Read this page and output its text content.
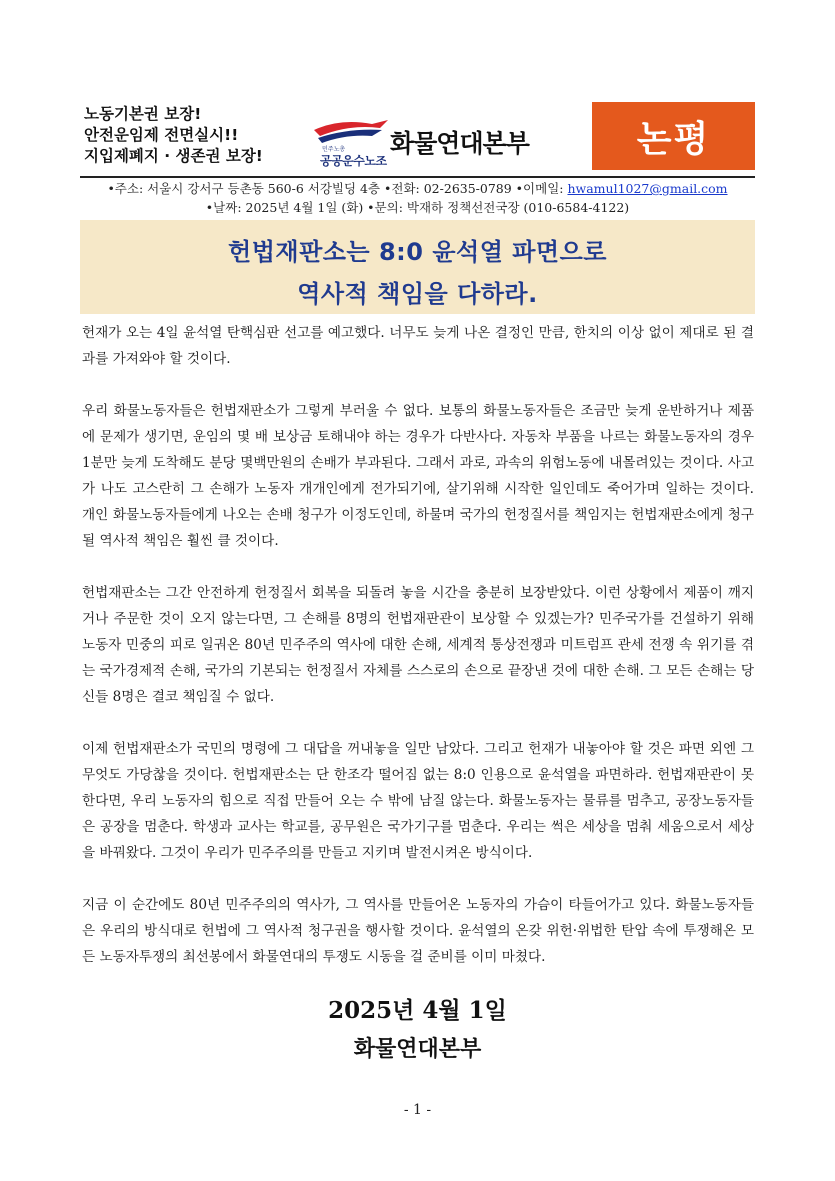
노동기본권 보장!
안전운임제 전면실시!!
지입제폐지 · 생존권 보장!	민주노총
공공운수노조
화물연대본부	논평
•주소: 서울시 강서구 등촌동 560-6 서강빌딩 4층 •전화: 02-2635-0789 •이메일: hwamul1027@gmail.com
•날짜: 2025년 4월 1일 (화) •문의: 박재하 정책선전국장 (010-6584-4122)
헌법재판소는 8:0 윤석열 파면으로
역사적 책임을 다하라.

헌재가 오는 4일 윤석열 탄핵심판 선고를 예고했다. 너무도 늦게 나온 결정인 만큼, 한치의 이상 없이 제대로 된 결과를 가져와야 할 것이다.

우리 화물노동자들은 헌법재판소가 그렇게 부러울 수 없다. 보통의 화물노동자들은 조금만 늦게 운반하거나 제품에 문제가 생기면, 운임의 몇 배 보상금 토해내야 하는 경우가 다반사다. 자동차 부품을 나르는 화물노동자의 경우 1분만 늦게 도착해도 분당 몇백만원의 손배가 부과된다. 그래서 과로, 과속의 위험노동에 내몰려있는 것이다. 사고가 나도 고스란히 그 손해가 노동자 개개인에게 전가되기에, 살기위해 시작한 일인데도 죽어가며 일하는 것이다. 개인 화물노동자들에게 나오는 손배 청구가 이정도인데, 하물며 국가의 헌정질서를 책임지는 헌법재판소에게 청구될 역사적 책임은 훨씬 클 것이다.

헌법재판소는 그간 안전하게 헌정질서 회복을 되돌려 놓을 시간을 충분히 보장받았다. 이런 상황에서 제품이 깨지거나 주문한 것이 오지 않는다면, 그 손해를 8명의 헌법재판관이 보상할 수 있겠는가? 민주국가를 건설하기 위해 노동자 민중의 피로 일궈온 80년 민주주의 역사에 대한 손해, 세계적 통상전쟁과 미트럼프 관세 전쟁 속 위기를 겪는 국가경제적 손해, 국가의 기본되는 헌정질서 자체를 스스로의 손으로 끝장낸 것에 대한 손해. 그 모든 손해는 당신들 8명은 결코 책임질 수 없다.

이제 헌법재판소가 국민의 명령에 그 대답을 꺼내놓을 일만 남았다. 그리고 헌재가 내놓아야 할 것은 파면 외엔 그 무엇도 가당찮을 것이다. 헌법재판소는 단 한조각 떨어짐 없는 8:0 인용으로 윤석열을 파면하라. 헌법재판관이 못한다면, 우리 노동자의 힘으로 직접 만들어 오는 수 밖에 남질 않는다. 화물노동자는 물류를 멈추고, 공장노동자들은 공장을 멈춘다. 학생과 교사는 학교를, 공무원은 국가기구를 멈춘다. 우리는 썩은 세상을 멈춰 세움으로서 세상을 바꿔왔다. 그것이 우리가 민주주의를 만들고 지키며 발전시켜온 방식이다.

지금 이 순간에도 80년 민주주의의 역사가, 그 역사를 만들어온 노동자의 가슴이 타들어가고 있다. 화물노동자들은 우리의 방식대로 헌법에 그 역사적 청구권을 행사할 것이다. 윤석열의 온갖 위헌·위법한 탄압 속에 투쟁해온 모든 노동자투쟁의 최선봉에서 화물연대의 투쟁도 시동을 걸 준비를 이미 마쳤다.

2025년 4월 1일
화물연대본부
- 1 -
